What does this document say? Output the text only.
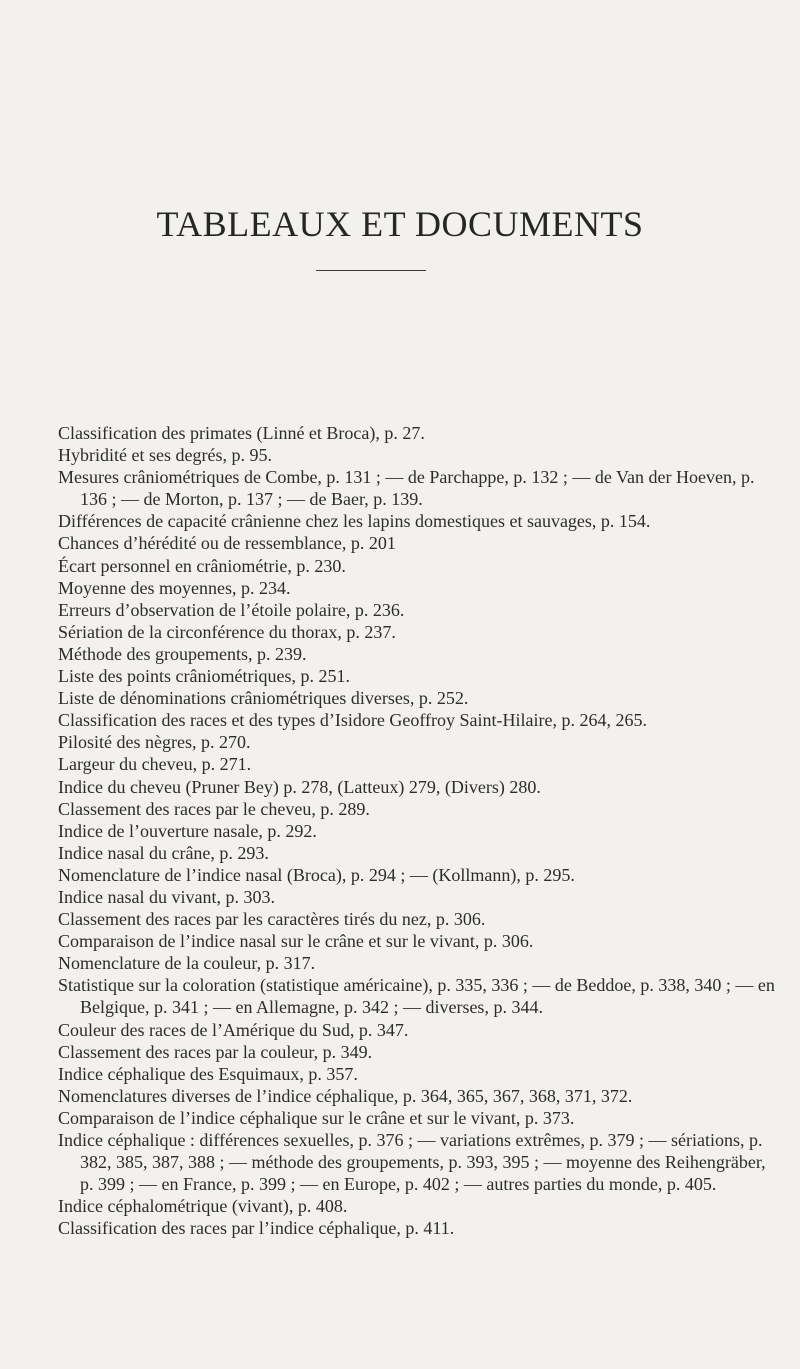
TABLEAUX ET DOCUMENTS
Classification des primates (Linné et Broca), p. 27.
Hybridité et ses degrés, p. 95.
Mesures crâniométriques de Combe, p. 131 ; — de Parchappe, p. 132 ; — de Van der Hoeven, p. 136 ; — de Morton, p. 137 ; — de Baer, p. 139.
Différences de capacité crânienne chez les lapins domestiques et sauvages, p. 154.
Chances d’hérédité ou de ressemblance, p. 201
Écart personnel en crâniométrie, p. 230.
Moyenne des moyennes, p. 234.
Erreurs d’observation de l’étoile polaire, p. 236.
Sériation de la circonférence du thorax, p. 237.
Méthode des groupements, p. 239.
Liste des points crâniométriques, p. 251.
Liste de dénominations crâniométriques diverses, p. 252.
Classification des races et des types d’Isidore Geoffroy Saint-Hilaire, p. 264, 265.
Pilosité des nègres, p. 270.
Largeur du cheveu, p. 271.
Indice du cheveu (Pruner Bey) p. 278, (Latteux) 279, (Divers) 280.
Classement des races par le cheveu, p. 289.
Indice de l’ouverture nasale, p. 292.
Indice nasal du crâne, p. 293.
Nomenclature de l’indice nasal (Broca), p. 294 ; — (Kollmann), p. 295.
Indice nasal du vivant, p. 303.
Classement des races par les caractères tirés du nez, p. 306.
Comparaison de l’indice nasal sur le crâne et sur le vivant, p. 306.
Nomenclature de la couleur, p. 317.
Statistique sur la coloration (statistique américaine), p. 335, 336 ; — de Beddoe, p. 338, 340 ; — en Belgique, p. 341 ; — en Allemagne, p. 342 ; — diverses, p. 344.
Couleur des races de l’Amérique du Sud, p. 347.
Classement des races par la couleur, p. 349.
Indice céphalique des Esquimaux, p. 357.
Nomenclatures diverses de l’indice céphalique, p. 364, 365, 367, 368, 371, 372.
Comparaison de l’indice céphalique sur le crâne et sur le vivant, p. 373.
Indice céphalique : différences sexuelles, p. 376 ; — variations extrêmes, p. 379 ; — sériations, p. 382, 385, 387, 388 ; — méthode des groupements, p. 393, 395 ; — moyenne des Reihengräber, p. 399 ; — en France, p. 399 ; — en Europe, p. 402 ; — autres parties du monde, p. 405.
Indice céphalométrique (vivant), p. 408.
Classification des races par l’indice céphalique, p. 411.
